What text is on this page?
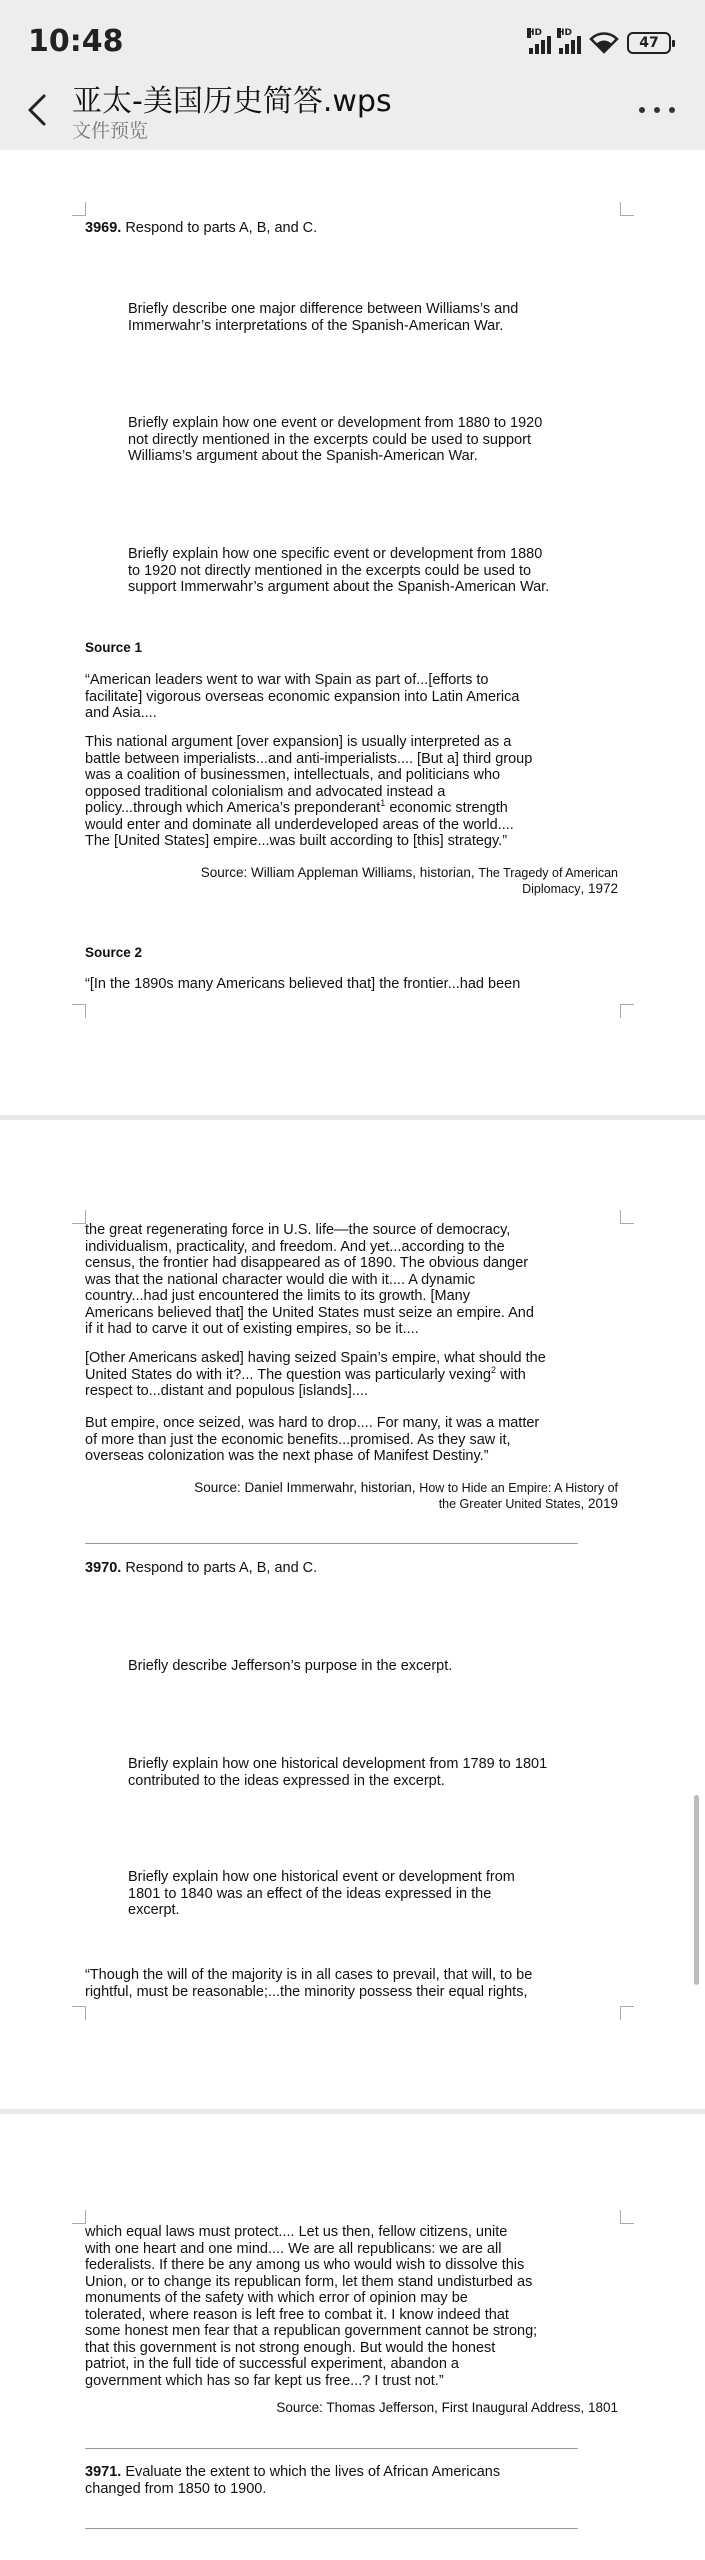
10:48	HD HD
47
亚太-美国历史简答.wps
文件预览
3969. Respond to parts A, B, and C.
Briefly describe one major difference between Williams’s and
Immerwahr’s interpretations of the Spanish-American War.
Briefly explain how one event or development from 1880 to 1920
not directly mentioned in the excerpts could be used to support
Williams’s argument about the Spanish-American War.
Briefly explain how one specific event or development from 1880
to 1920 not directly mentioned in the excerpts could be used to
support Immerwahr’s argument about the Spanish-American War.
Source 1
“American leaders went to war with Spain as part of...[efforts to
facilitate] vigorous overseas economic expansion into Latin America
and Asia....
This national argument [over expansion] is usually interpreted as a
battle between imperialists...and anti-imperialists.... [But a] third group
was a coalition of businessmen, intellectuals, and politicians who
opposed traditional colonialism and advocated instead a
policy...through which America’s preponderant$^1$ economic strength
would enter and dominate all underdeveloped areas of the world....
The [United States] empire...was built according to [this] strategy.”
Source: William Appleman Williams, historian, The Tragedy of American
Diplomacy, 1972
Source 2
“[In the 1890s many Americans believed that] the frontier...had been
the great regenerating force in U.S. life—the source of democracy,
individualism, practicality, and freedom. And yet...according to the
census, the frontier had disappeared as of 1890. The obvious danger
was that the national character would die with it.... A dynamic
country...had just encountered the limits to its growth. [Many
Americans believed that] the United States must seize an empire. And
if it had to carve it out of existing empires, so be it....
[Other Americans asked] having seized Spain’s empire, what should the
United States do with it?... The question was particularly vexing$^2$ with
respect to...distant and populous [islands]....
But empire, once seized, was hard to drop.... For many, it was a matter
of more than just the economic benefits...promised. As they saw it,
overseas colonization was the next phase of Manifest Destiny.”
Source: Daniel Immerwahr, historian, How to Hide an Empire: A History of
the Greater United States, 2019
3970. Respond to parts A, B, and C.
Briefly describe Jefferson’s purpose in the excerpt.
Briefly explain how one historical development from 1789 to 1801
contributed to the ideas expressed in the excerpt.
Briefly explain how one historical event or development from
1801 to 1840 was an effect of the ideas expressed in the
excerpt.
“Though the will of the majority is in all cases to prevail, that will, to be
rightful, must be reasonable;...the minority possess their equal rights,
which equal laws must protect.... Let us then, fellow citizens, unite
with one heart and one mind.... We are all republicans: we are all
federalists. If there be any among us who would wish to dissolve this
Union, or to change its republican form, let them stand undisturbed as
monuments of the safety with which error of opinion may be
tolerated, where reason is left free to combat it. I know indeed that
some honest men fear that a republican government cannot be strong;
that this government is not strong enough. But would the honest
patriot, in the full tide of successful experiment, abandon a
government which has so far kept us free...? I trust not.”
Source: Thomas Jefferson, First Inaugural Address, 1801
3971. Evaluate the extent to which the lives of African Americans
changed from 1850 to 1900.
